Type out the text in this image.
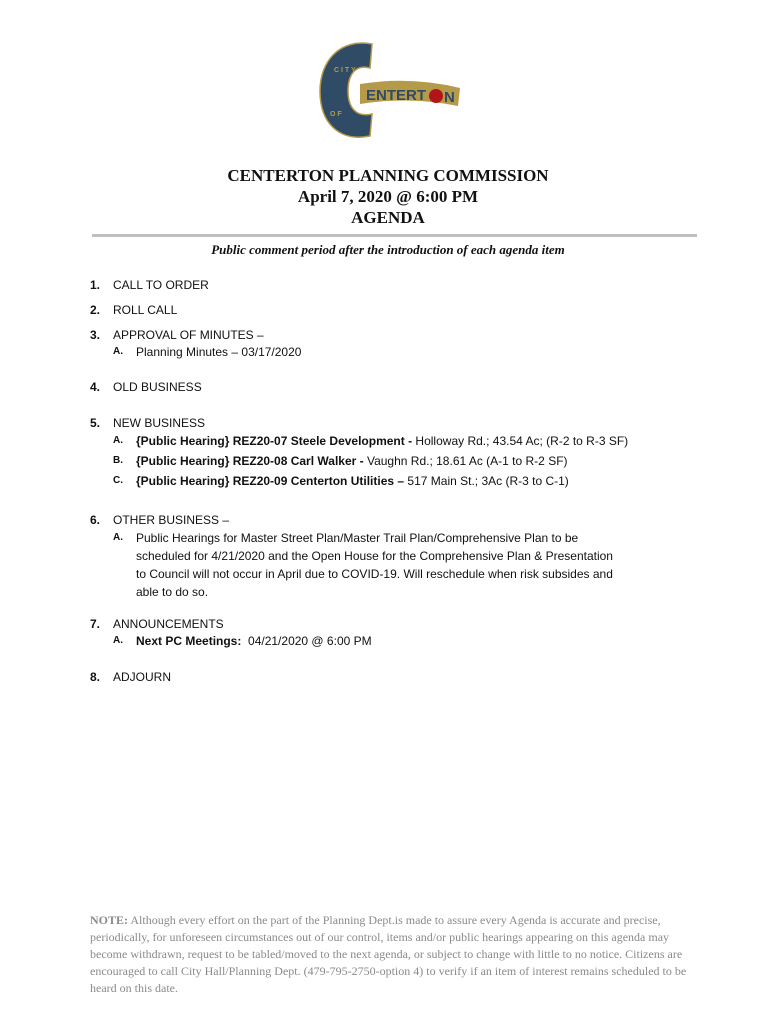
C I T Y
O F
ENTERT N
CENTERTON PLANNING COMMISSION
April 7, 2020 @ 6:00 PM
AGENDA
Public comment period after the introduction of each agenda item
1. CALL TO ORDER
2. ROLL CALL
3. APPROVAL OF MINUTES –
A. Planning Minutes – 03/17/2020
4. OLD BUSINESS
5. NEW BUSINESS
A. {Public Hearing} REZ20-07 Steele Development - Holloway Rd.; 43.54 Ac; (R-2 to R-3 SF)
B. {Public Hearing} REZ20-08 Carl Walker - Vaughn Rd.; 18.61 Ac (A-1 to R-2 SF)
C. {Public Hearing} REZ20-09 Centerton Utilities – 517 Main St.; 3Ac (R-3 to C-1)
6. OTHER BUSINESS –
A. Public Hearings for Master Street Plan/Master Trail Plan/Comprehensive Plan to be
scheduled for 4/21/2020 and the Open House for the Comprehensive Plan & Presentation
to Council will not occur in April due to COVID-19. Will reschedule when risk subsides and
able to do so.
7. ANNOUNCEMENTS
A. Next PC Meetings:  04/21/2020 @ 6:00 PM
8. ADJOURN
NOTE: Although every effort on the part of the Planning Dept.is made to assure every Agenda is accurate and precise, periodically, for unforeseen circumstances out of our control, items and/or public hearings appearing on this agenda may become withdrawn, request to be tabled/moved to the next agenda, or subject to change with little to no notice. Citizens are encouraged to call City Hall/Planning Dept. (479-795-2750-option 4) to verify if an item of interest remains scheduled to be heard on this date.
